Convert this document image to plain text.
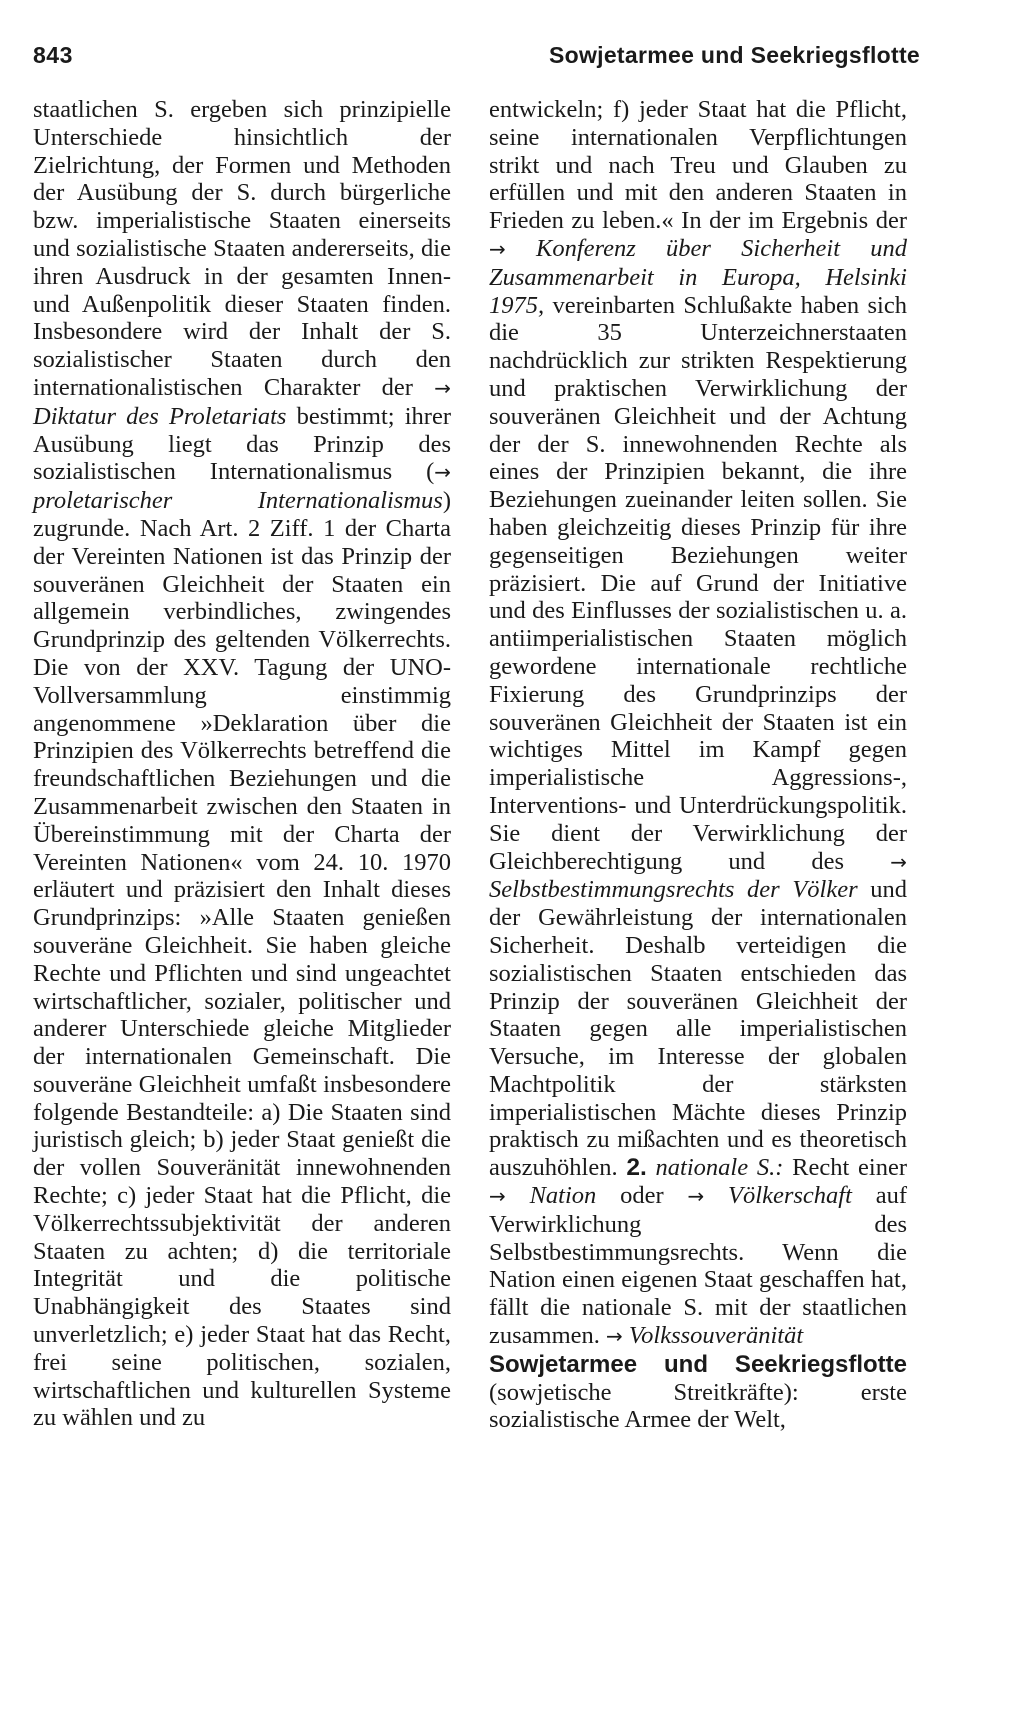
843	Sowjetarmee und Seekriegsflotte

staatlichen S. ergeben sich prinzipielle Unterschiede hinsichtlich der Zielrichtung, der Formen und Methoden der Ausübung der S. durch bürgerliche bzw. imperialistische Staaten einerseits und sozialistische Staaten andererseits, die ihren Ausdruck in der gesamten Innen- und Außenpolitik dieser Staaten finden. Insbesondere wird der Inhalt der S. sozialistischer Staaten durch den internationalistischen Charakter der → Diktatur des Proletariats bestimmt; ihrer Ausübung liegt das Prinzip des sozialistischen Internationalismus (→ proletarischer Internationalismus) zugrunde. Nach Art. 2 Ziff. 1 der Charta der Vereinten Nationen ist das Prinzip der souveränen Gleichheit der Staaten ein allgemein verbindliches, zwingendes Grundprinzip des geltenden Völkerrechts. Die von der XXV. Tagung der UNO-Vollversammlung einstimmig angenommene »Deklaration über die Prinzipien des Völkerrechts betreffend die freundschaftlichen Beziehungen und die Zusammenarbeit zwischen den Staaten in Übereinstimmung mit der Charta der Vereinten Nationen« vom 24. 10. 1970 erläutert und präzisiert den Inhalt dieses Grundprinzips: »Alle Staaten genießen souveräne Gleichheit. Sie haben gleiche Rechte und Pflichten und sind ungeachtet wirtschaftlicher, sozialer, politischer und anderer Unterschiede gleiche Mitglieder der internationalen Gemeinschaft. Die souveräne Gleichheit umfaßt insbesondere folgende Bestandteile: a) Die Staaten sind juristisch gleich; b) jeder Staat genießt die der vollen Souveränität innewohnenden Rechte; c) jeder Staat hat die Pflicht, die Völkerrechtssubjektivität der anderen Staaten zu achten; d) die territoriale Integrität und die politische Unabhängigkeit des Staates sind unverletzlich; e) jeder Staat hat das Recht, frei seine politischen, sozialen, wirtschaftlichen und kulturellen Systeme zu wählen und zu

entwickeln; f) jeder Staat hat die Pflicht, seine internationalen Verpflichtungen strikt und nach Treu und Glauben zu erfüllen und mit den anderen Staaten in Frieden zu leben.« In der im Ergebnis der → Konferenz über Sicherheit und Zusammenarbeit in Europa, Helsinki 1975, vereinbarten Schlußakte haben sich die 35 Unterzeichnerstaaten nachdrücklich zur strikten Respektierung und praktischen Verwirklichung der souveränen Gleichheit und der Achtung der der S. innewohnenden Rechte als eines der Prinzipien bekannt, die ihre Beziehungen zueinander leiten sollen. Sie haben gleichzeitig dieses Prinzip für ihre gegenseitigen Beziehungen weiter präzisiert. Die auf Grund der Initiative und des Einflusses der sozialistischen u. a. antiimperialistischen Staaten möglich gewordene internationale rechtliche Fixierung des Grundprinzips der souveränen Gleichheit der Staaten ist ein wichtiges Mittel im Kampf gegen imperialistische Aggressions-, Interventions- und Unterdrückungspolitik. Sie dient der Verwirklichung der Gleichberechtigung und des → Selbstbestimmungsrechts der Völker und der Gewährleistung der internationalen Sicherheit. Deshalb verteidigen die sozialistischen Staaten entschieden das Prinzip der souveränen Gleichheit der Staaten gegen alle imperialistischen Versuche, im Interesse der globalen Machtpolitik der stärksten imperialistischen Mächte dieses Prinzip praktisch zu mißachten und es theoretisch auszuhöhlen. 2. nationale S.: Recht einer → Nation oder → Völkerschaft auf Verwirklichung des Selbstbestimmungsrechts. Wenn die Nation einen eigenen Staat geschaffen hat, fällt die nationale S. mit der staatlichen zusammen. → Volkssouveränität

Sowjetarmee und Seekriegsflotte (sowjetische Streitkräfte): erste sozialistische Armee der Welt,
